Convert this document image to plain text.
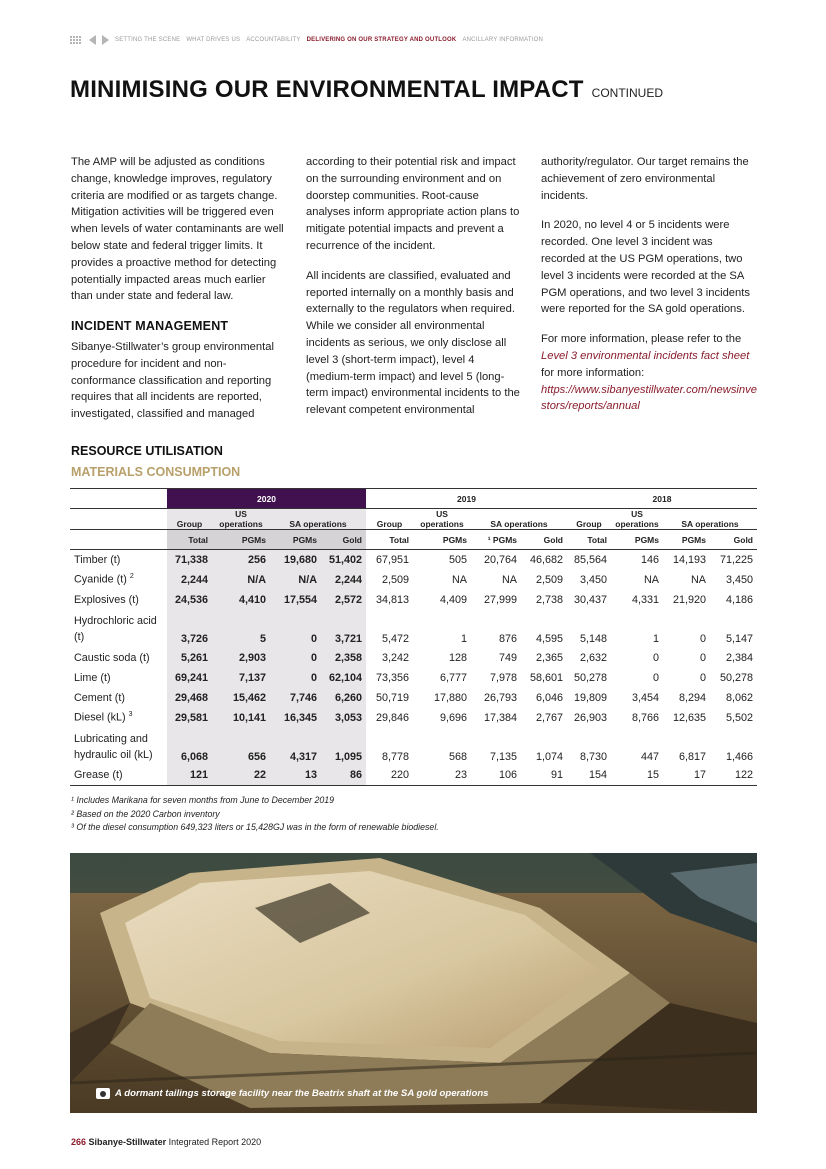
SETTING THE SCENE WHAT DRIVES US ACCOUNTABILITY DELIVERING ON OUR STRATEGY AND OUTLOOK ANCILLARY INFORMATION
MINIMISING OUR ENVIRONMENTAL IMPACT CONTINUED

The AMP will be adjusted as conditions change, knowledge improves, regulatory criteria are modified or as targets change. Mitigation activities will be triggered even when levels of water contaminants are well below state and federal trigger limits. It provides a proactive method for detecting potentially impacted areas much earlier than under state and federal law.

INCIDENT MANAGEMENT

Sibanye-Stillwater’s group environmental procedure for incident and non-conformance classification and reporting requires that all incidents are reported, investigated, classified and managed

according to their potential risk and impact on the surrounding environment and on doorstep communities. Root-cause analyses inform appropriate action plans to mitigate potential impacts and prevent a recurrence of the incident.

All incidents are classified, evaluated and reported internally on a monthly basis and externally to the regulators when required. While we consider all environmental incidents as serious, we only disclose all level 3 (short-term impact), level 4 (medium-term impact) and level 5 (long-term impact) environmental incidents to the relevant competent environmental

authority/regulator. Our target remains the achievement of zero environmental incidents.

In 2020, no level 4 or 5 incidents were recorded. One level 3 incident was recorded at the US PGM operations, two level 3 incidents were recorded at the SA PGM operations, and two level 3 incidents were reported for the SA gold operations.

For more information, please refer to the Level 3 environmental incidents fact sheet for more information:
https://www.sibanyestillwater.com/newsinvestors/reports/annual

RESOURCE UTILISATION
MATERIALS CONSUMPTION
	2020				2019				2018			
	Group	US operations	SA operations		Group	US operations	SA operations		Group	US operations	SA operations	
	Total	PGMs	PGMs	Gold	Total	PGMs	¹ PGMs	Gold	Total	PGMs	PGMs	Gold
Timber (t)	71,338	256	19,680	51,402	67,951	505	20,764	46,682	85,564	146	14,193	71,225
Cyanide (t) $^2$	2,244	N/A	N/A	2,244	2,509	NA	NA	2,509	3,450	NA	NA	3,450
Explosives (t)	24,536	4,410	17,554	2,572	34,813	4,409	27,999	2,738	30,437	4,331	21,920	4,186
Hydrochloric acid (t)	3,726	5	0	3,721	5,472	1	876	4,595	5,148	1	0	5,147
Caustic soda (t)	5,261	2,903	0	2,358	3,242	128	749	2,365	2,632	0	0	2,384
Lime (t)	69,241	7,137	0	62,104	73,356	6,777	7,978	58,601	50,278	0	0	50,278
Cement (t)	29,468	15,462	7,746	6,260	50,719	17,880	26,793	6,046	19,809	3,454	8,294	8,062
Diesel (kL) $^3$	29,581	10,141	16,345	3,053	29,846	9,696	17,384	2,767	26,903	8,766	12,635	5,502
Lubricating and hydraulic oil (kL)	6,068	656	4,317	1,095	8,778	568	7,135	1,074	8,730	447	6,817	1,466
Grease (t)	121	22	13	86	220	23	106	91	154	15	17	122
¹ Includes Marikana for seven months from June to December 2019
² Based on the 2020 Carbon inventory
³ Of the diesel consumption 649,323 liters or 15,428GJ was in the form of renewable biodiesel.
A dormant tailings storage facility near the Beatrix shaft at the SA gold operations
266 Sibanye-Stillwater Integrated Report 2020
